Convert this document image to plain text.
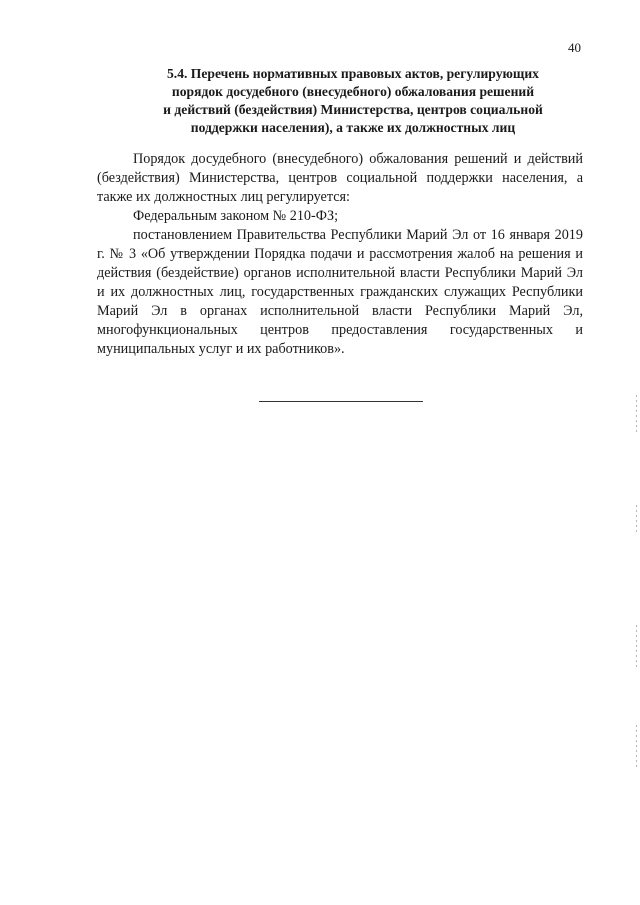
40
5.4. Перечень нормативных правовых актов, регулирующих
порядок досудебного (внесудебного) обжалования решений
и действий (бездействия) Министерства, центров социальной
поддержки населения), а также их должностных лиц

Порядок досудебного (внесудебного) обжалования решений и действий (бездействия) Министерства, центров социальной поддержки населения, а также их должностных лиц регулируется:

Федеральным законом № 210-ФЗ;

постановлением Правительства Республики Марий Эл от 16 января 2019 г. № 3 «Об утверждении Порядка подачи и рассмотрения жалоб на решения и действия (бездействие) органов исполнительной власти Республики Марий Эл и их должностных лиц, государственных гражданских служащих Республики Марий Эл в органах исполнительной власти Республики Марий Эл, многофункциональных центров предоставления государственных и муниципальных услуг и их работников».
